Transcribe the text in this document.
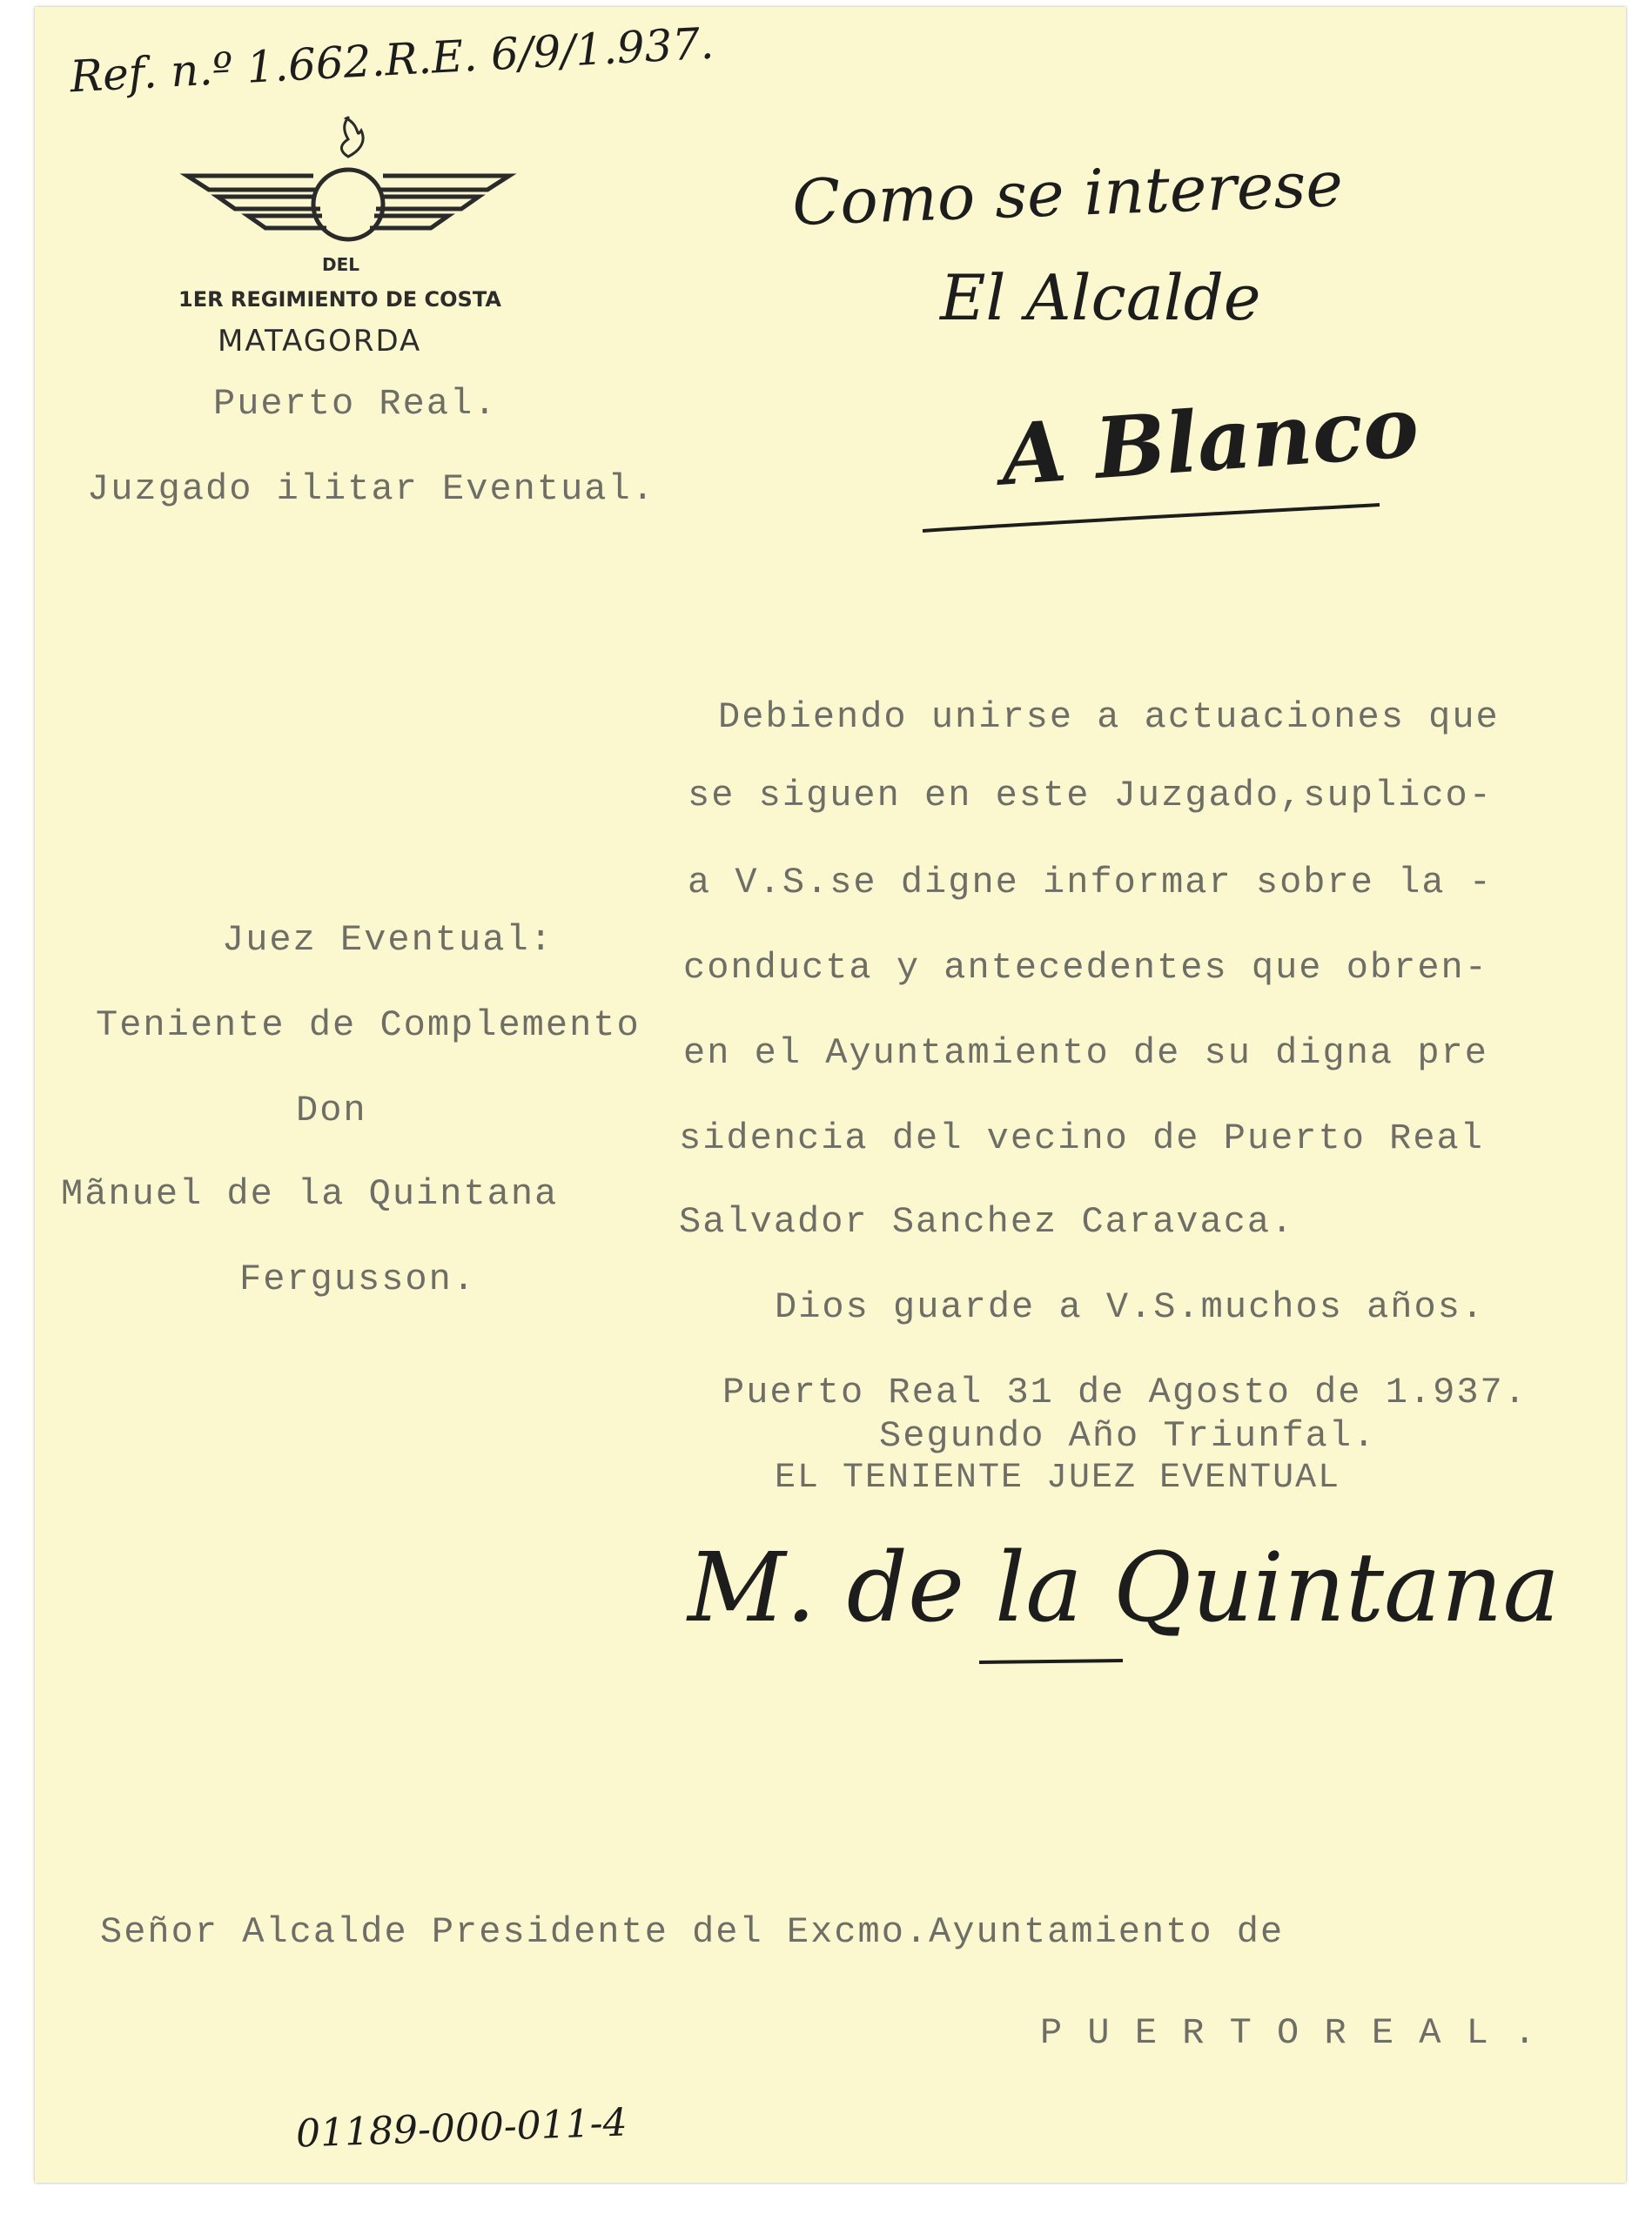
Ref. n.º 1.662.R.E. 6/9/1.937.
DEL
1ER REGIMIENTO DE COSTA
MATAGORDA
Puerto Real.
Juzgado ilitar Eventual.
Como se interese
El Alcalde
A Blanco
Juez Eventual:
Teniente de Complemento
Don
Mãnuel de la Quintana
Fergusson.
Debiendo unirse a actuaciones que
se siguen en este Juzgado,suplico-
a V.S.se digne informar sobre la -
conducta y antecedentes que obren-
en el Ayuntamiento de su digna pre
sidencia del vecino de Puerto Real
Salvador Sanchez Caravaca.
Dios guarde a V.S.muchos años.
Puerto Real 31 de Agosto de 1.937.
Segundo Año Triunfal.
EL TENIENTE JUEZ EVENTUAL
M. de la Quintana
Señor Alcalde Presidente del Excmo.Ayuntamiento de
P U E R T O R E A L .
01189-000-011-4
